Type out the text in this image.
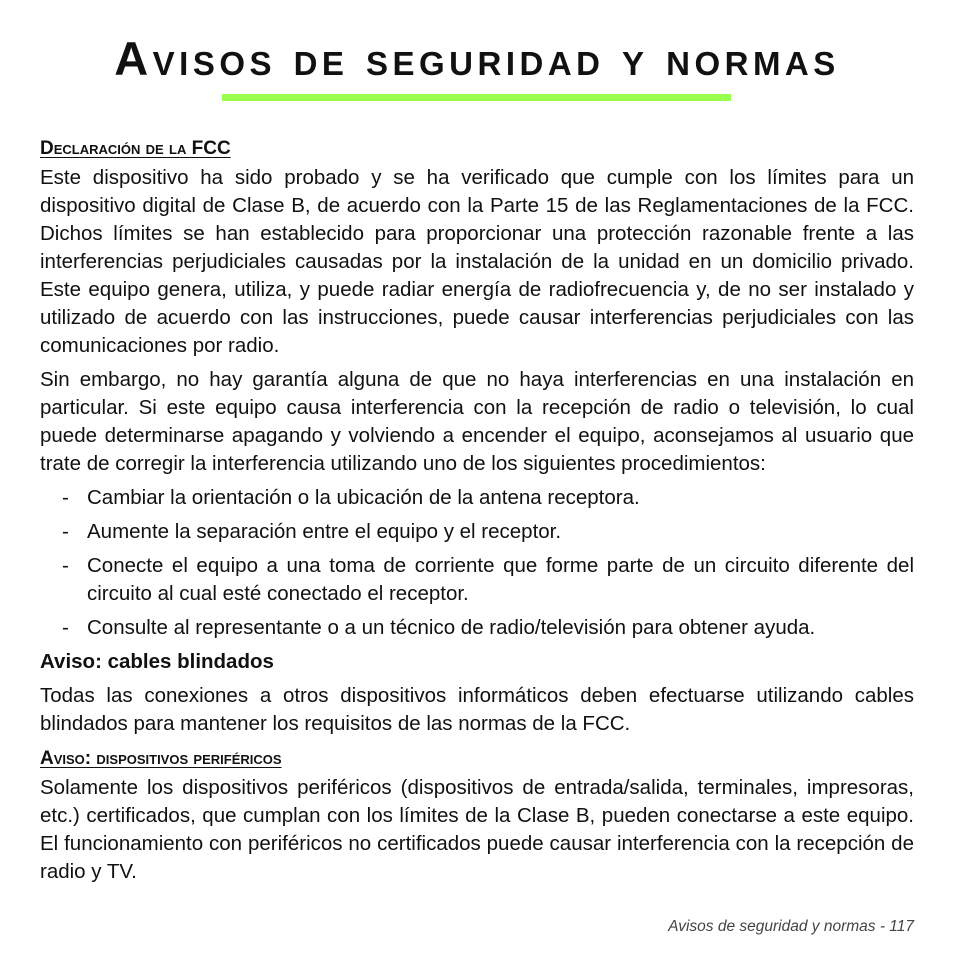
Avisos de seguridad y normas
Declaración de la FCC

Este dispositivo ha sido probado y se ha verificado que cumple con los límites para un dispositivo digital de Clase B, de acuerdo con la Parte 15 de las Reglamentaciones de la FCC. Dichos límites se han establecido para proporcionar una protección razonable frente a las interferencias perjudiciales causadas por la instalación de la unidad en un domicilio privado. Este equipo genera, utiliza, y puede radiar energía de radiofrecuencia y, de no ser instalado y utilizado de acuerdo con las instrucciones, puede causar interferencias perjudiciales con las comunicaciones por radio.

Sin embargo, no hay garantía alguna de que no haya interferencias en una instalación en particular. Si este equipo causa interferencia con la recepción de radio o televisión, lo cual puede determinarse apagando y volviendo a encender el equipo, aconsejamos al usuario que trate de corregir la interferencia utilizando uno de los siguientes procedimientos:

- Cambiar la orientación o la ubicación de la antena receptora.
- Aumente la separación entre el equipo y el receptor.
- Conecte el equipo a una toma de corriente que forme parte de un circuito diferente del circuito al cual esté conectado el receptor.
- Consulte al representante o a un técnico de radio/televisión para obtener ayuda.
Aviso: cables blindados

Todas las conexiones a otros dispositivos informáticos deben efectuarse utilizando cables blindados para mantener los requisitos de las normas de la FCC.

Aviso: dispositivos periféricos

Solamente los dispositivos periféricos (dispositivos de entrada/salida, terminales, impresoras, etc.) certificados, que cumplan con los límites de la Clase B, pueden conectarse a este equipo. El funcionamiento con periféricos no certificados puede causar interferencia con la recepción de radio y TV.

Avisos de seguridad y normas - 117
